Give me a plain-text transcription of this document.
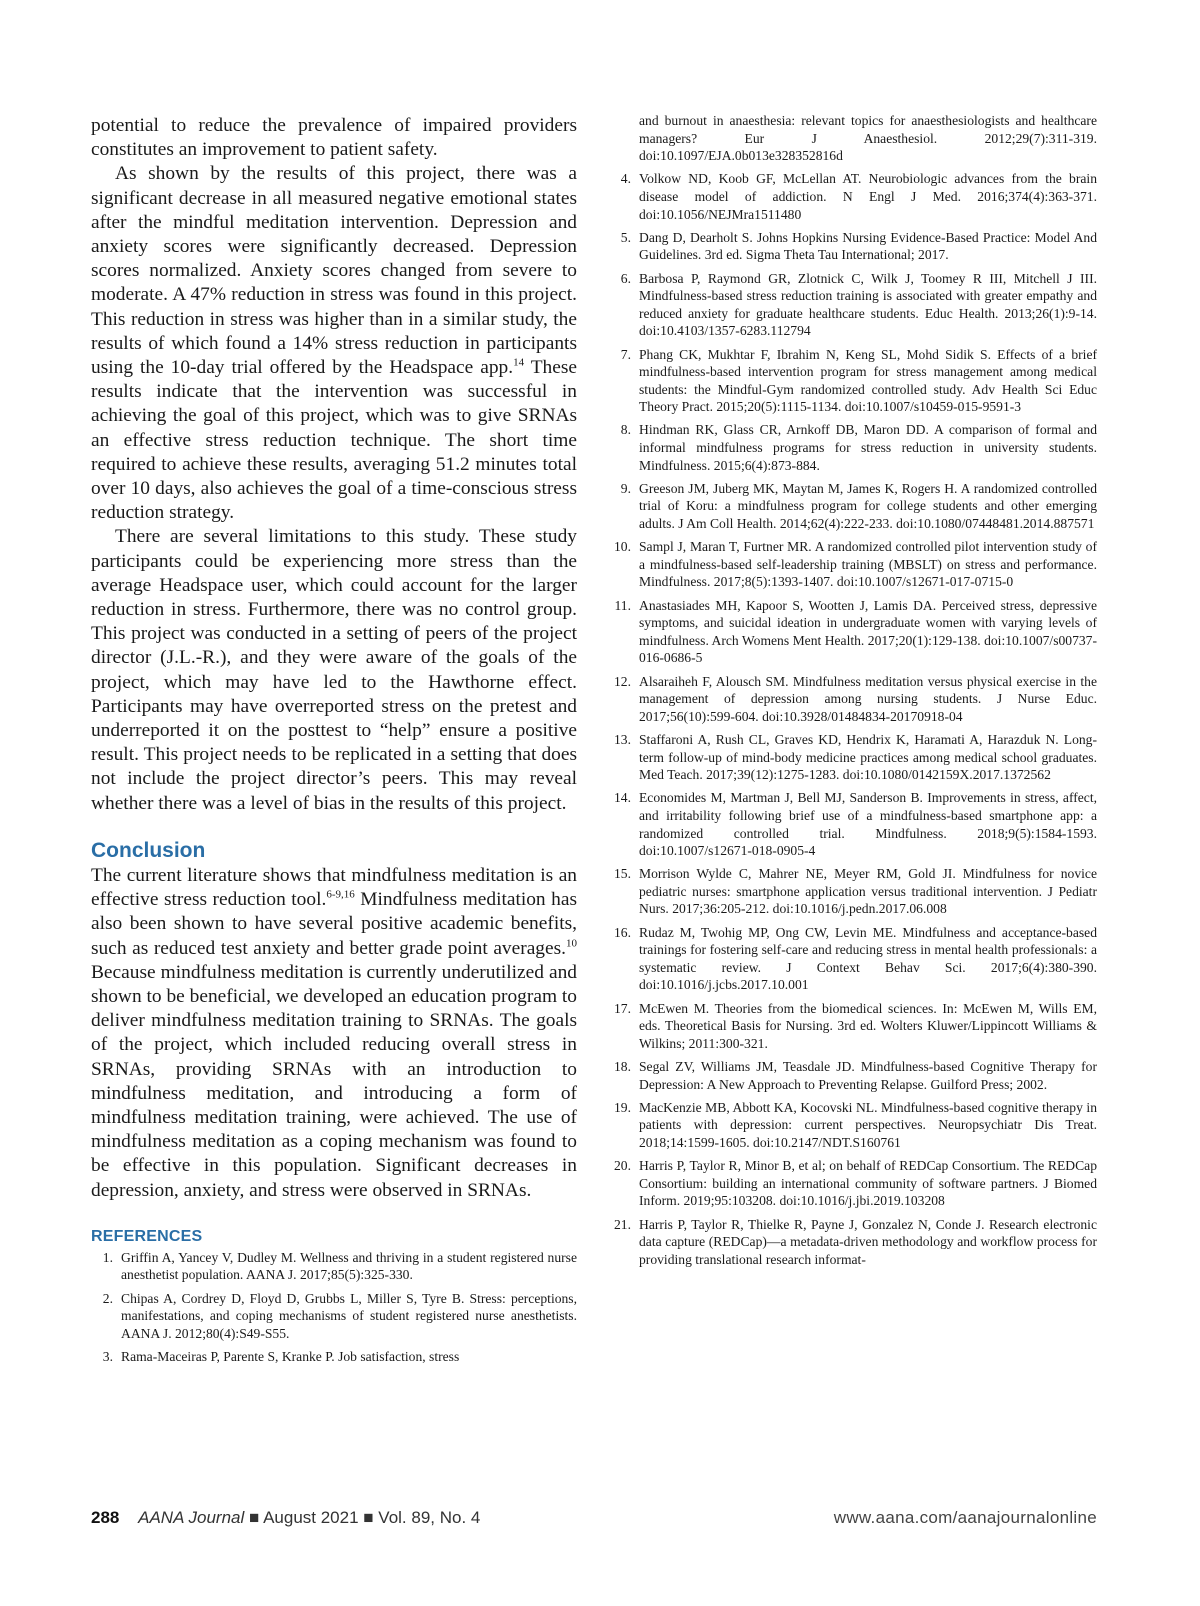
potential to reduce the prevalence of impaired providers constitutes an improvement to patient safety.

As shown by the results of this project, there was a significant decrease in all measured negative emotional states after the mindful meditation intervention. Depression and anxiety scores were significantly decreased. Depression scores normalized. Anxiety scores changed from severe to moderate. A 47% reduction in stress was found in this project. This reduction in stress was higher than in a similar study, the results of which found a 14% stress reduction in participants using the 10-day trial offered by the Headspace app.$^{14}$ These results indicate that the intervention was successful in achieving the goal of this project, which was to give SRNAs an effective stress reduction technique. The short time required to achieve these results, averaging 51.2 minutes total over 10 days, also achieves the goal of a time-conscious stress reduction strategy.

There are several limitations to this study. These study participants could be experiencing more stress than the average Headspace user, which could account for the larger reduction in stress. Furthermore, there was no control group. This project was conducted in a setting of peers of the project director (J.L.-R.), and they were aware of the goals of the project, which may have led to the Hawthorne effect. Participants may have overreported stress on the pretest and underreported it on the posttest to “help” ensure a positive result. This project needs to be replicated in a setting that does not include the project director’s peers. This may reveal whether there was a level of bias in the results of this project.

Conclusion

The current literature shows that mindfulness meditation is an effective stress reduction tool.$^{6-9,16}$ Mindfulness meditation has also been shown to have several positive academic benefits, such as reduced test anxiety and better grade point averages.$^{10}$ Because mindfulness meditation is currently underutilized and shown to be beneficial, we developed an education program to deliver mindfulness meditation training to SRNAs. The goals of the project, which included reducing overall stress in SRNAs, providing SRNAs with an introduction to mindfulness meditation, and introducing a form of mindfulness meditation training, were achieved. The use of mindfulness meditation as a coping mechanism was found to be effective in this population. Significant decreases in depression, anxiety, and stress were observed in SRNAs.

REFERENCES

1. Griffin A, Yancey V, Dudley M. Wellness and thriving in a student registered nurse anesthetist population. AANA J. 2017;85(5):325-330.

2. Chipas A, Cordrey D, Floyd D, Grubbs L, Miller S, Tyre B. Stress: perceptions, manifestations, and coping mechanisms of student registered nurse anesthetists. AANA J. 2012;80(4):S49-S55.

3. Rama-Maceiras P, Parente S, Kranke P. Job satisfaction, stress

and burnout in anaesthesia: relevant topics for anaesthesiologists and healthcare managers? Eur J Anaesthesiol. 2012;29(7):311-319. doi:10.1097/EJA.0b013e328352816d

4. Volkow ND, Koob GF, McLellan AT. Neurobiologic advances from the brain disease model of addiction. N Engl J Med. 2016;374(4):363-371. doi:10.1056/NEJMra1511480

5. Dang D, Dearholt S. Johns Hopkins Nursing Evidence-Based Practice: Model And Guidelines. 3rd ed. Sigma Theta Tau International; 2017.

6. Barbosa P, Raymond GR, Zlotnick C, Wilk J, Toomey R III, Mitchell J III. Mindfulness-based stress reduction training is associated with greater empathy and reduced anxiety for graduate healthcare students. Educ Health. 2013;26(1):9-14. doi:10.4103/1357-6283.112794

7. Phang CK, Mukhtar F, Ibrahim N, Keng SL, Mohd Sidik S. Effects of a brief mindfulness-based intervention program for stress management among medical students: the Mindful-Gym randomized controlled study. Adv Health Sci Educ Theory Pract. 2015;20(5):1115-1134. doi:10.1007/s10459-015-9591-3

8. Hindman RK, Glass CR, Arnkoff DB, Maron DD. A comparison of formal and informal mindfulness programs for stress reduction in university students. Mindfulness. 2015;6(4):873-884.

9. Greeson JM, Juberg MK, Maytan M, James K, Rogers H. A randomized controlled trial of Koru: a mindfulness program for college students and other emerging adults. J Am Coll Health. 2014;62(4):222-233. doi:10.1080/07448481.2014.887571

10. Sampl J, Maran T, Furtner MR. A randomized controlled pilot intervention study of a mindfulness-based self-leadership training (MBSLT) on stress and performance. Mindfulness. 2017;8(5):1393-1407. doi:10.1007/s12671-017-0715-0

11. Anastasiades MH, Kapoor S, Wootten J, Lamis DA. Perceived stress, depressive symptoms, and suicidal ideation in undergraduate women with varying levels of mindfulness. Arch Womens Ment Health. 2017;20(1):129-138. doi:10.1007/s00737-016-0686-5

12. Alsaraiheh F, Alousch SM. Mindfulness meditation versus physical exercise in the management of depression among nursing students. J Nurse Educ. 2017;56(10):599-604. doi:10.3928/01484834-20170918-04

13. Staffaroni A, Rush CL, Graves KD, Hendrix K, Haramati A, Harazduk N. Long-term follow-up of mind-body medicine practices among medical school graduates. Med Teach. 2017;39(12):1275-1283. doi:10.1080/0142159X.2017.1372562

14. Economides M, Martman J, Bell MJ, Sanderson B. Improvements in stress, affect, and irritability following brief use of a mindfulness-based smartphone app: a randomized controlled trial. Mindfulness. 2018;9(5):1584-1593. doi:10.1007/s12671-018-0905-4

15. Morrison Wylde C, Mahrer NE, Meyer RM, Gold JI. Mindfulness for novice pediatric nurses: smartphone application versus traditional intervention. J Pediatr Nurs. 2017;36:205-212. doi:10.1016/j.pedn.2017.06.008

16. Rudaz M, Twohig MP, Ong CW, Levin ME. Mindfulness and acceptance-based trainings for fostering self-care and reducing stress in mental health professionals: a systematic review. J Context Behav Sci. 2017;6(4):380-390. doi:10.1016/j.jcbs.2017.10.001

17. McEwen M. Theories from the biomedical sciences. In: McEwen M, Wills EM, eds. Theoretical Basis for Nursing. 3rd ed. Wolters Kluwer/Lippincott Williams & Wilkins; 2011:300-321.

18. Segal ZV, Williams JM, Teasdale JD. Mindfulness-based Cognitive Therapy for Depression: A New Approach to Preventing Relapse. Guilford Press; 2002.

19. MacKenzie MB, Abbott KA, Kocovski NL. Mindfulness-based cognitive therapy in patients with depression: current perspectives. Neuropsychiatr Dis Treat. 2018;14:1599-1605. doi:10.2147/NDT.S160761

20. Harris P, Taylor R, Minor B, et al; on behalf of REDCap Consortium. The REDCap Consortium: building an international community of software partners. J Biomed Inform. 2019;95:103208. doi:10.1016/j.jbi.2019.103208

21. Harris P, Taylor R, Thielke R, Payne J, Gonzalez N, Conde J. Research electronic data capture (REDCap)—a metadata-driven methodology and workflow process for providing translational research informat-

288 AANA Journal ■ August 2021 ■ Vol. 89, No. 4	www.aana.com/aanajournalonline
